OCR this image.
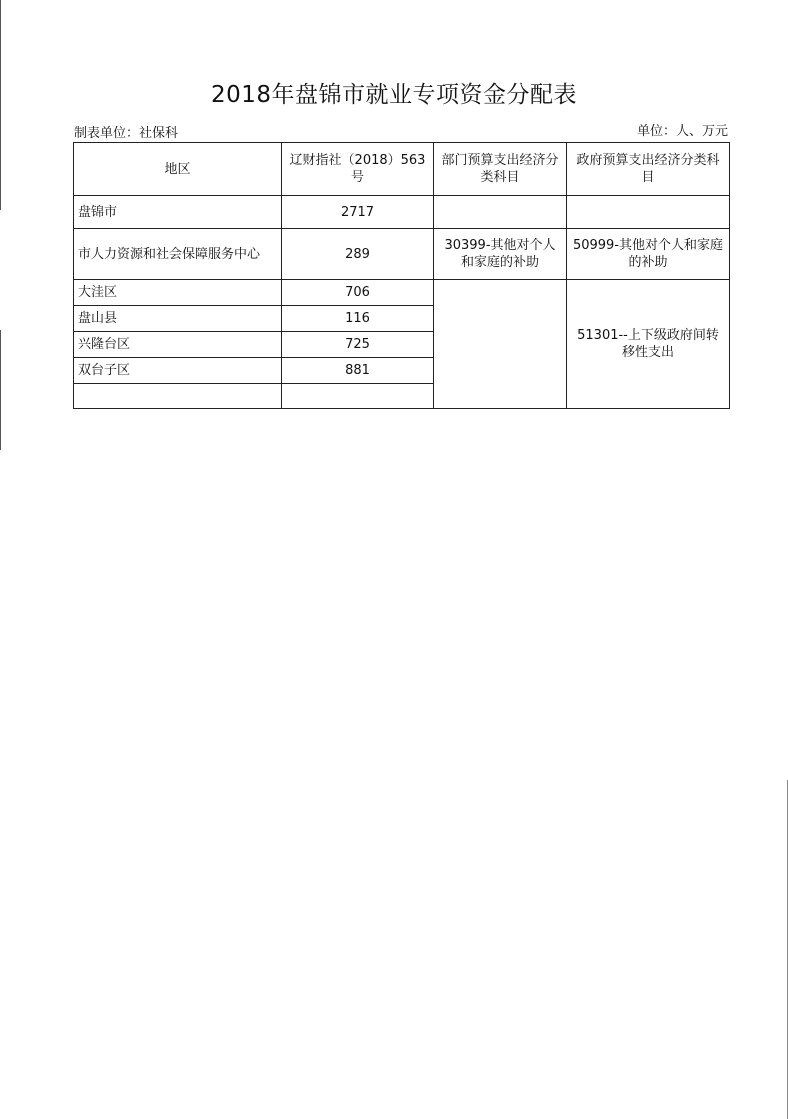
2018年盘锦市就业专项资金分配表
制表单位：社保科	单位：人、万元
地区	辽财指社（2018）563号	部门预算支出经济分类科目	政府预算支出经济分类科目
盘锦市	2717		
市人力资源和社会保障服务中心	289	30399-其他对个人和家庭的补助	50999-其他对个人和家庭的补助
大洼区	706		51301--上下级政府间转移性支出
盘山县	116		
兴隆台区	725		
双台子区	881		
